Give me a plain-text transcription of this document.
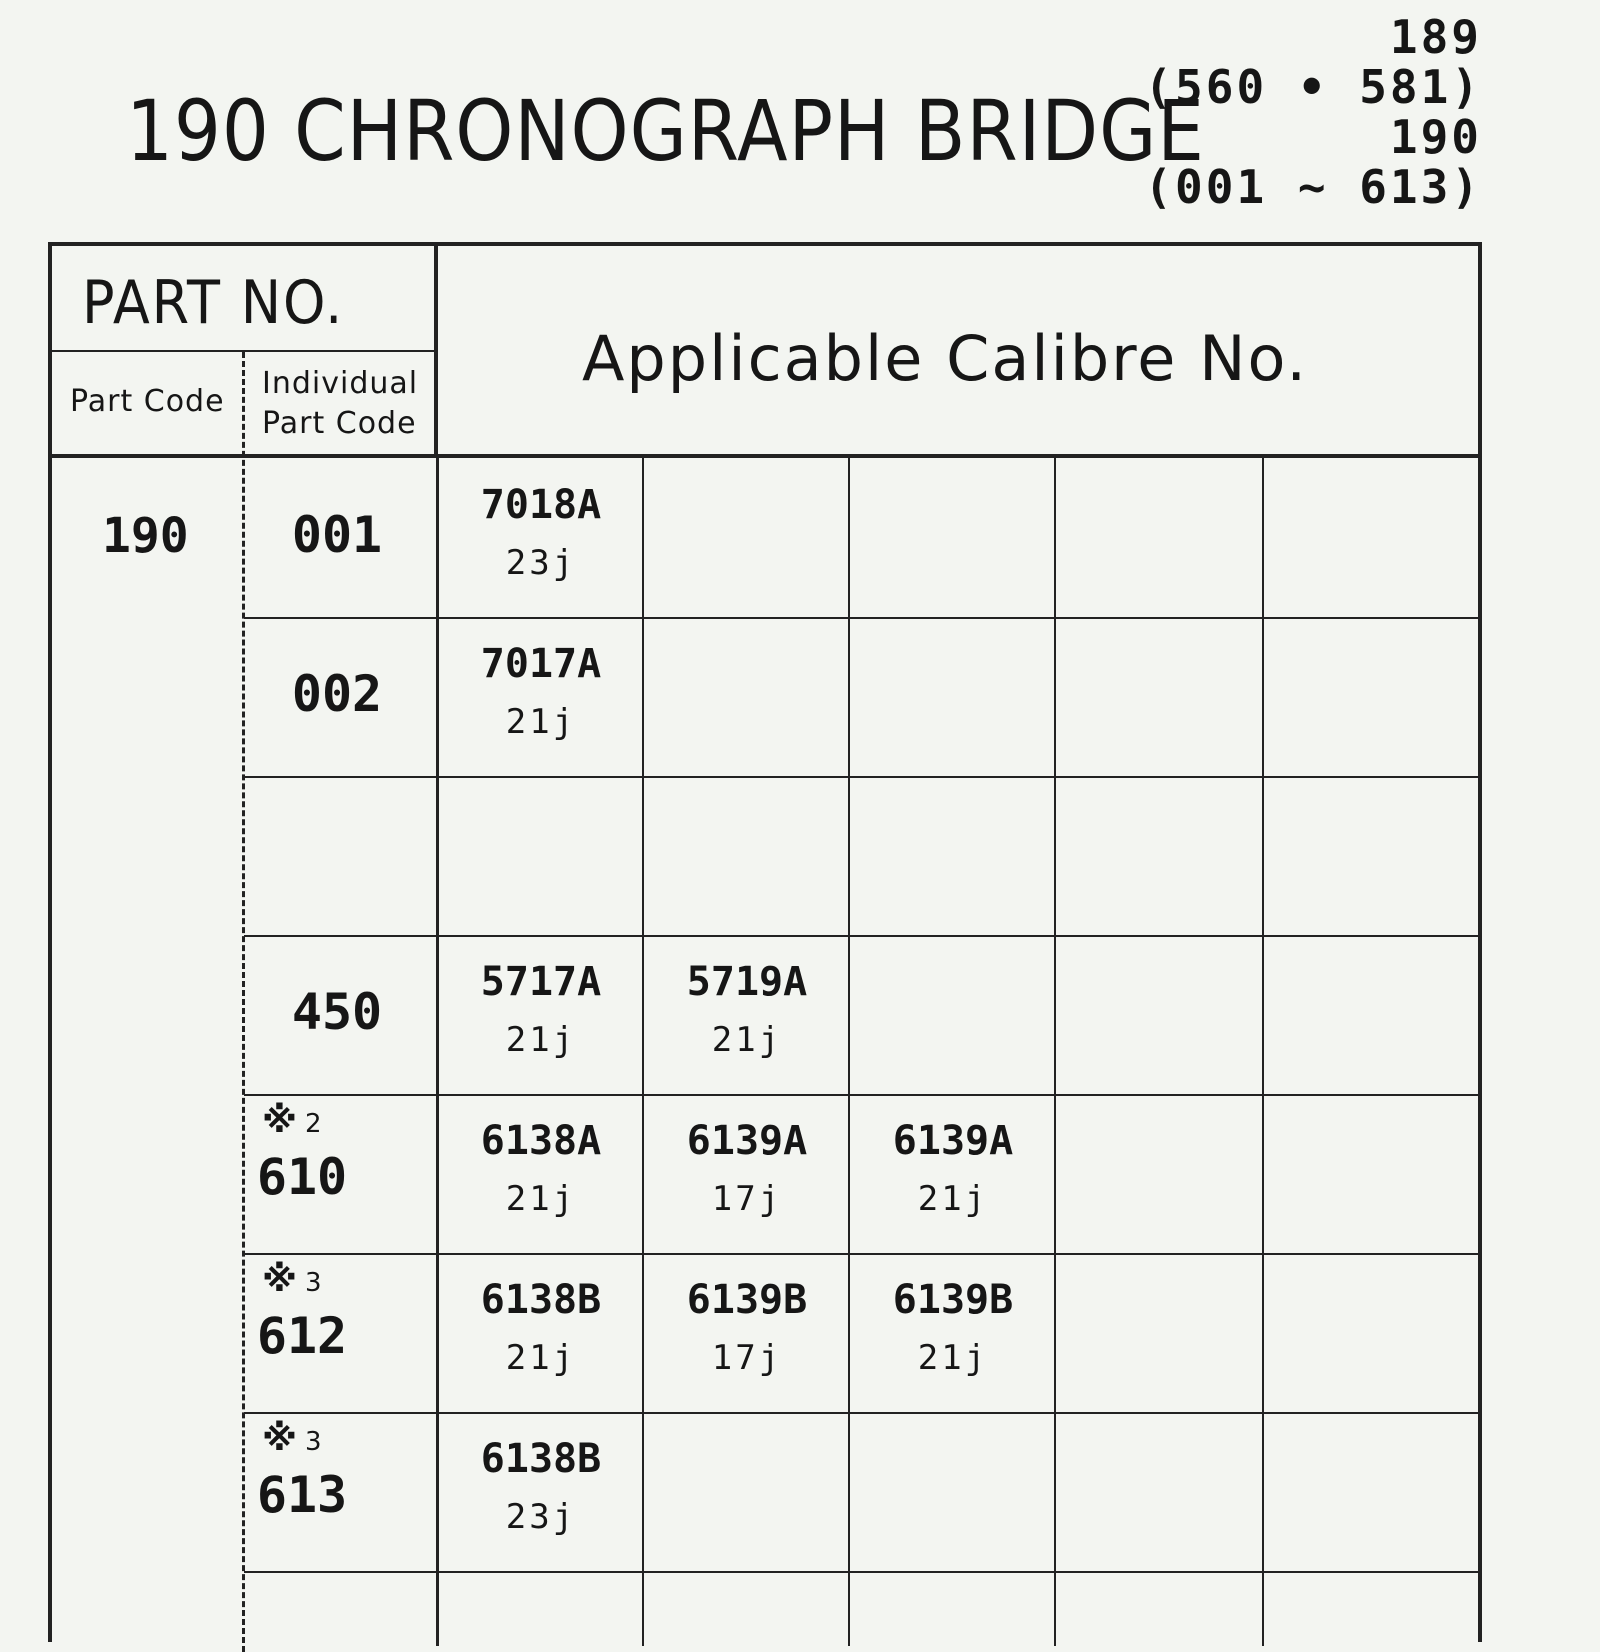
190 CHRONOGRAPH BRIDGE
189
(560 • 581)
190
(001 ~ 613)
PART NO.
Part Code
Individual
Part Code
Applicable Calibre No.
190	001
7018A
23j
002
7017A
21j
450
5717A
21j
5719A
21j
※ 2
610
6138A
21j
6139A
17j
6139A
21j
※ 3
612
6138B
21j
6139B
17j
6139B
21j
※ 3
613
6138B
23j
